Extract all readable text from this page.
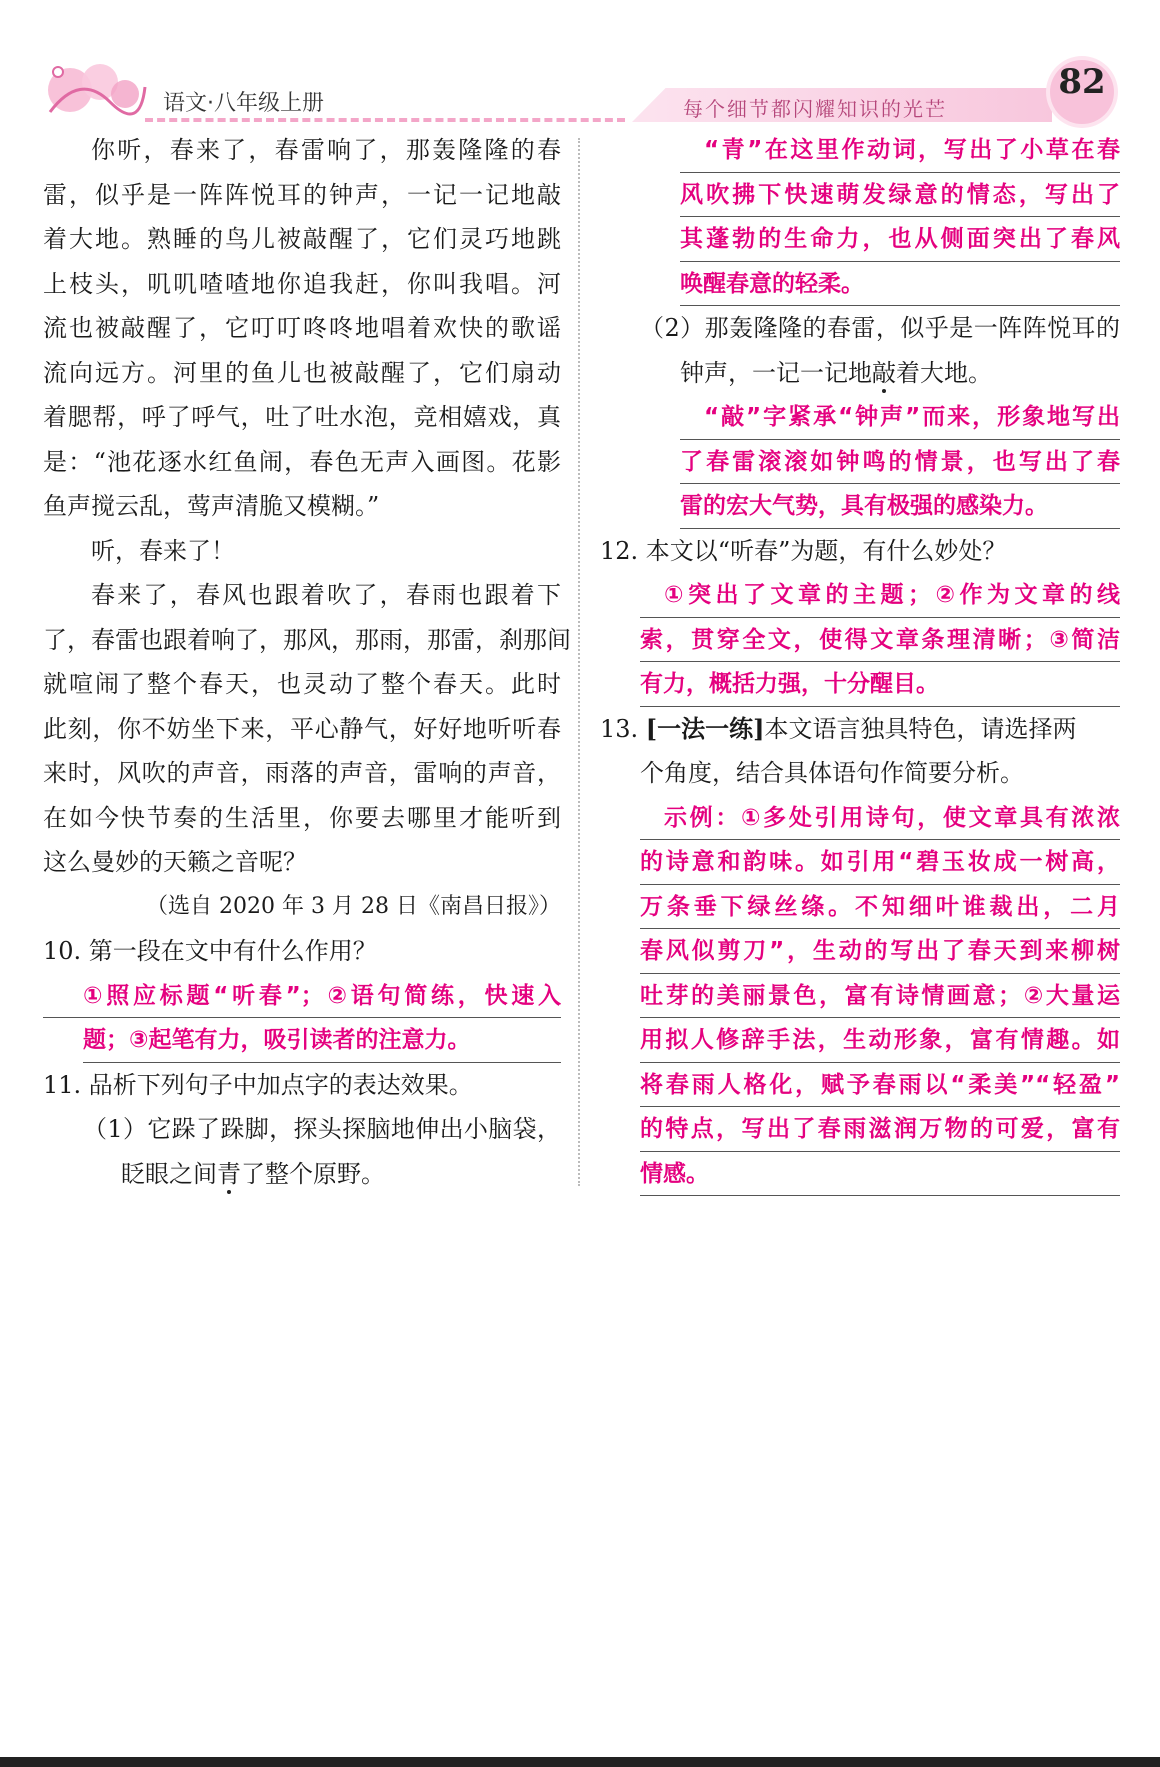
语文·八年级上册	每个细节都闪耀知识的光芒
82
你听，春来了，春雷响了，那轰隆隆的春
雷，似乎是一阵阵悦耳的钟声，一记一记地敲
着大地。熟睡的鸟儿被敲醒了，它们灵巧地跳
上枝头，叽叽喳喳地你追我赶，你叫我唱。河
流也被敲醒了，它叮叮咚咚地唱着欢快的歌谣
流向远方。河里的鱼儿也被敲醒了，它们扇动
着腮帮，呼了呼气，吐了吐水泡，竞相嬉戏，真
是：“池花逐水红鱼闹，春色无声入画图。花影
鱼声搅云乱，莺声清脆又模糊。”
听，春来了！
春来了，春风也跟着吹了，春雨也跟着下
了，春雷也跟着响了，那风，那雨，那雷，刹那间
就喧闹了整个春天，也灵动了整个春天。此时
此刻，你不妨坐下来，平心静气，好好地听听春
来时，风吹的声音，雨落的声音，雷响的声音，
在如今快节奏的生活里，你要去哪里才能听到
这么曼妙的天籁之音呢？
（选自 2020 年 3 月 28 日《南昌日报》）
10. 第一段在文中有什么作用？
①照应标题“听春”；②语句简练，快速入
题；③起笔有力，吸引读者的注意力。
11. 品析下列句子中加点字的表达效果。
（1）它跺了跺脚，探头探脑地伸出小脑袋，
眨眼之间青了整个原野。
“青”在这里作动词，写出了小草在春
风吹拂下快速萌发绿意的情态，写出了
其蓬勃的生命力，也从侧面突出了春风
唤醒春意的轻柔。
（2）那轰隆隆的春雷，似乎是一阵阵悦耳的
钟声，一记一记地敲着大地。
“敲”字紧承“钟声”而来，形象地写出
了春雷滚滚如钟鸣的情景，也写出了春
雷的宏大气势，具有极强的感染力。
12. 本文以“听春”为题，有什么妙处？
①突出了文章的主题；②作为文章的线
索，贯穿全文，使得文章条理清晰；③简洁
有力，概括力强，十分醒目。
13. [一法一练]本文语言独具特色，请选择两
个角度，结合具体语句作简要分析。
示例：①多处引用诗句，使文章具有浓浓
的诗意和韵味。如引用“碧玉妆成一树高，
万条垂下绿丝绦。不知细叶谁裁出，二月
春风似剪刀”，生动的写出了春天到来柳树
吐芽的美丽景色，富有诗情画意；②大量运
用拟人修辞手法，生动形象，富有情趣。如
将春雨人格化，赋予春雨以“柔美”“轻盈”
的特点，写出了春雨滋润万物的可爱，富有
情感。
